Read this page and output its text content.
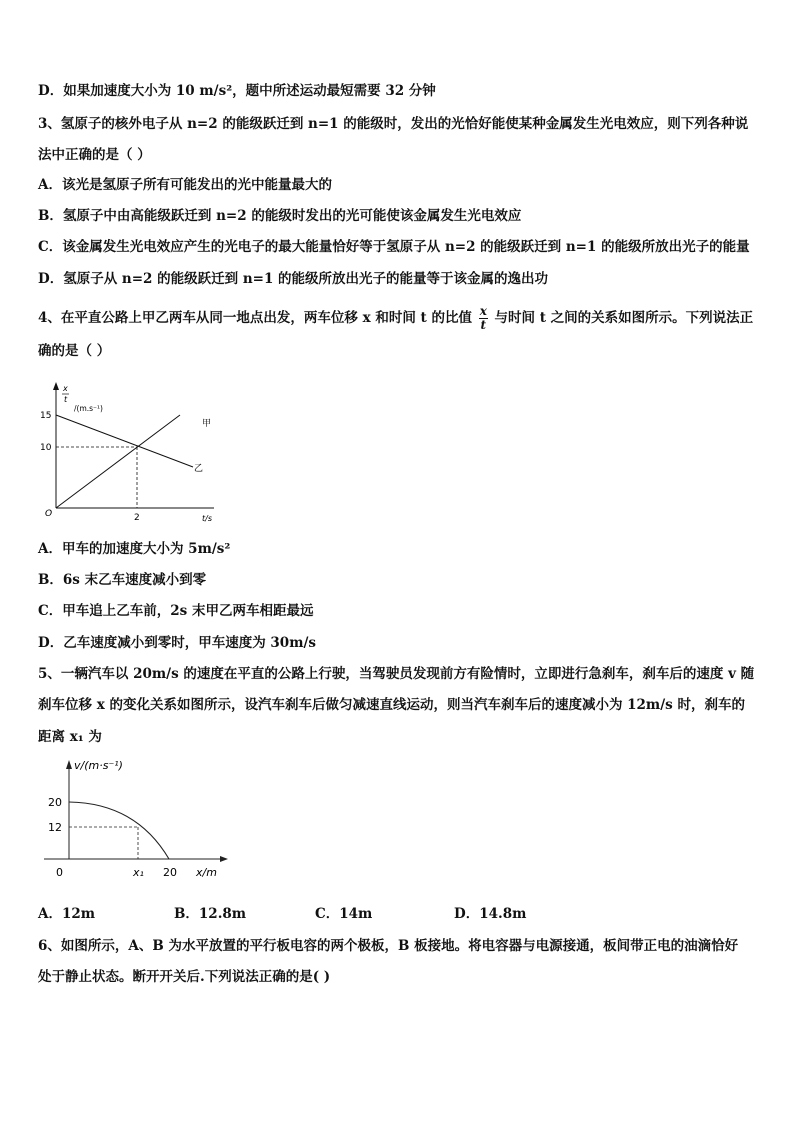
D．如果加速度大小为 10 m/s²，题中所述运动最短需要 32 分钟
3、氢原子的核外电子从 n=2 的能级跃迁到 n=1 的能级时，发出的光恰好能使某种金属发生光电效应，则下列各种说
法中正确的是（ ）
A．该光是氢原子所有可能发出的光中能量最大的
B．氢原子中由高能级跃迁到 n=2 的能级时发出的光可能使该金属发生光电效应
C．该金属发生光电效应产生的光电子的最大能量恰好等于氢原子从 n=2 的能级跃迁到 n=1 的能级所放出光子的能量
D．氢原子从 n=2 的能级跃迁到 n=1 的能级所放出光子的能量等于该金属的逸出功
4、在平直公路上甲乙两车从同一地点出发，两车位移 x 和时间 t 的比值 $\frac{x}{t}$ 与时间 t 之间的关系如图所示。下列说法正
确的是（ ）
x
t
/(m.s⁻¹)
15
10
2
O	t/s
甲
乙
A．甲车的加速度大小为 5m/s²
B．6s 末乙车速度减小到零
C．甲车追上乙车前，2s 末甲乙两车相距最远
D．乙车速度减小到零时，甲车速度为 30m/s
5、一辆汽车以 20m/s 的速度在平直的公路上行驶，当驾驶员发现前方有险情时，立即进行急刹车，刹车后的速度 v 随
刹车位移 x 的变化关系如图所示，设汽车刹车后做匀减速直线运动，则当汽车刹车后的速度减小为 12m/s 时，刹车的
距离 x₁ 为
v/(m·s⁻¹)
20
12
0	x₁ 20 x/m
A．12m	B．12.8m	C．14m	D．14.8m
6、如图所示，A、B 为水平放置的平行板电容的两个极板，B 板接地。将电容器与电源接通，板间带正电的油滴恰好
处于静止状态。断开开关后.下列说法正确的是( )
